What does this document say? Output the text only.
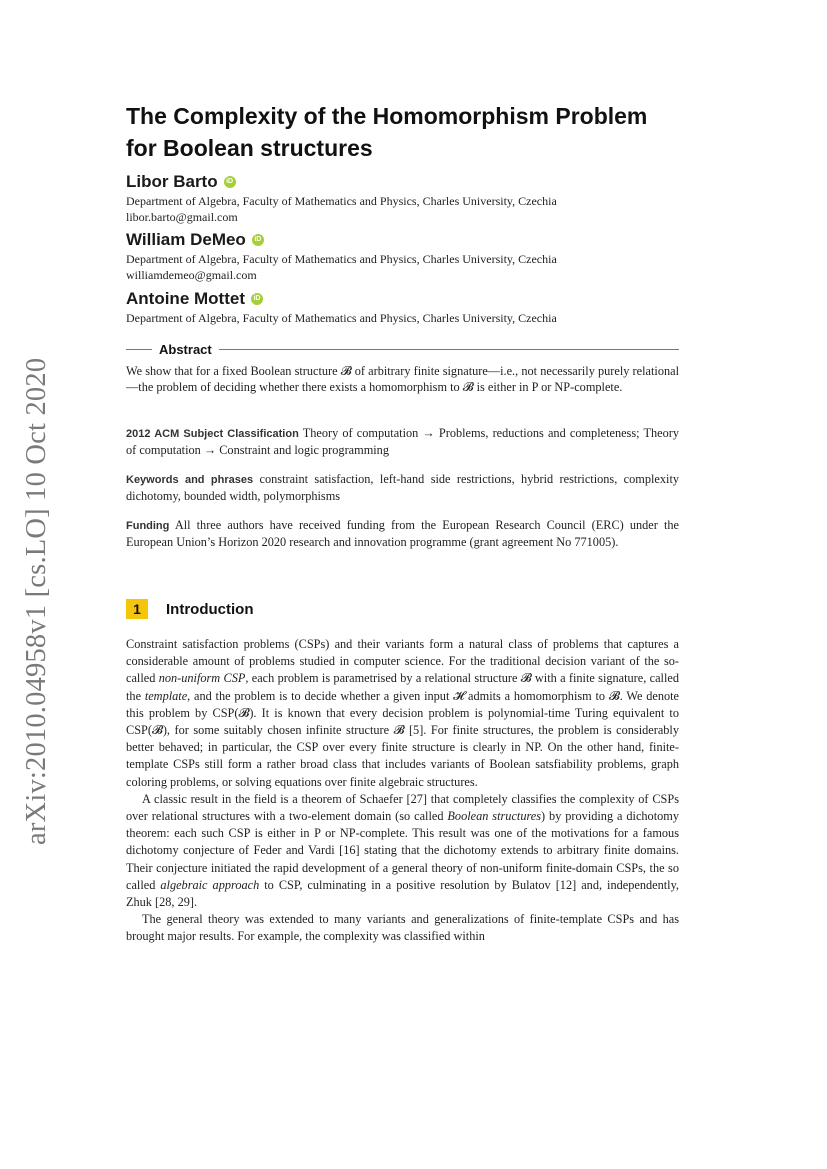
arXiv:2010.04958v1 [cs.LO] 10 Oct 2020
The Complexity of the Homomorphism Problem
for Boolean structures
Libor Barto	iD
Department of Algebra, Faculty of Mathematics and Physics, Charles University, Czechia
libor.barto@gmail.com
William DeMeo	iD
Department of Algebra, Faculty of Mathematics and Physics, Charles University, Czechia
williamdemeo@gmail.com
Antoine Mottet	iD
Department of Algebra, Faculty of Mathematics and Physics, Charles University, Czechia
Abstract
We show that for a fixed Boolean structure 𝓑 of arbitrary finite signature—i.e., not necessarily purely relational—the problem of deciding whether there exists a homomorphism to 𝓑 is either in P or NP-complete.
2012 ACM Subject Classification Theory of computation → Problems, reductions and completeness; Theory of computation → Constraint and logic programming
Keywords and phrases constraint satisfaction, left-hand side restrictions, hybrid restrictions, complexity dichotomy, bounded width, polymorphisms
Funding All three authors have received funding from the European Research Council (ERC) under the European Union’s Horizon 2020 research and innovation programme (grant agreement No 771005).
1	Introduction

Constraint satisfaction problems (CSPs) and their variants form a natural class of problems that captures a considerable amount of problems studied in computer science. For the traditional decision variant of the so-called non-uniform CSP, each problem is parametrised by a relational structure 𝓑 with a finite signature, called the template, and the problem is to decide whether a given input 𝓗 admits a homomorphism to 𝓑. We denote this problem by CSP(𝓑). It is known that every decision problem is polynomial-time Turing equivalent to CSP(𝓑), for some suitably chosen infinite structure 𝓑 [5]. For finite structures, the problem is considerably better behaved; in particular, the CSP over every finite structure is clearly in NP. On the other hand, finite-template CSPs still form a rather broad class that includes variants of Boolean satsfiability problems, graph coloring problems, or solving equations over finite algebraic structures.

A classic result in the field is a theorem of Schaefer [27] that completely classifies the complexity of CSPs over relational structures with a two-element domain (so called Boolean structures) by providing a dichotomy theorem: each such CSP is either in P or NP-complete. This result was one of the motivations for a famous dichotomy conjecture of Feder and Vardi [16] stating that the dichotomy extends to arbitrary finite domains. Their conjecture initiated the rapid development of a general theory of non-uniform finite-domain CSPs, the so called algebraic approach to CSP, culminating in a positive resolution by Bulatov [12] and, independently, Zhuk [28, 29].

The general theory was extended to many variants and generalizations of finite-template CSPs and has brought major results. For example, the complexity was classified within
